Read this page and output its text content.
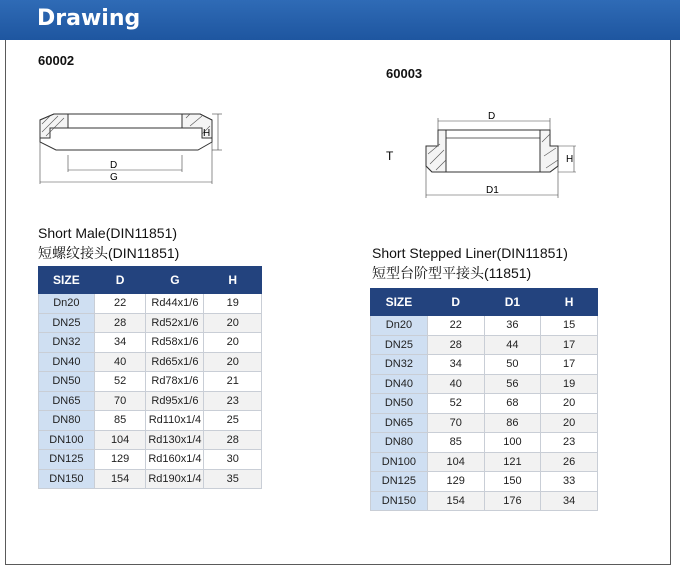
Drawing
60002
H
D
G
Short Male(DIN11851)
短螺纹接头(DIN11851)
SIZE	D	G	H
Dn20	22	Rd44x1/6	19
DN25	28	Rd52x1/6	20
DN32	34	Rd58x1/6	20
DN40	40	Rd65x1/6	20
DN50	52	Rd78x1/6	21
DN65	70	Rd95x1/6	23
DN80	85	Rd110x1/4	25
DN100	104	Rd130x1/4	28
DN125	129	Rd160x1/4	30
DN150	154	Rd190x1/4	35
60003
T
D
H
D1
Short Stepped Liner(DIN11851)
短型台阶型平接头(11851)
SIZE	D	D1	H
Dn20	22	36	15
DN25	28	44	17
DN32	34	50	17
DN40	40	56	19
DN50	52	68	20
DN65	70	86	20
DN80	85	100	23
DN100	104	121	26
DN125	129	150	33
DN150	154	176	34
